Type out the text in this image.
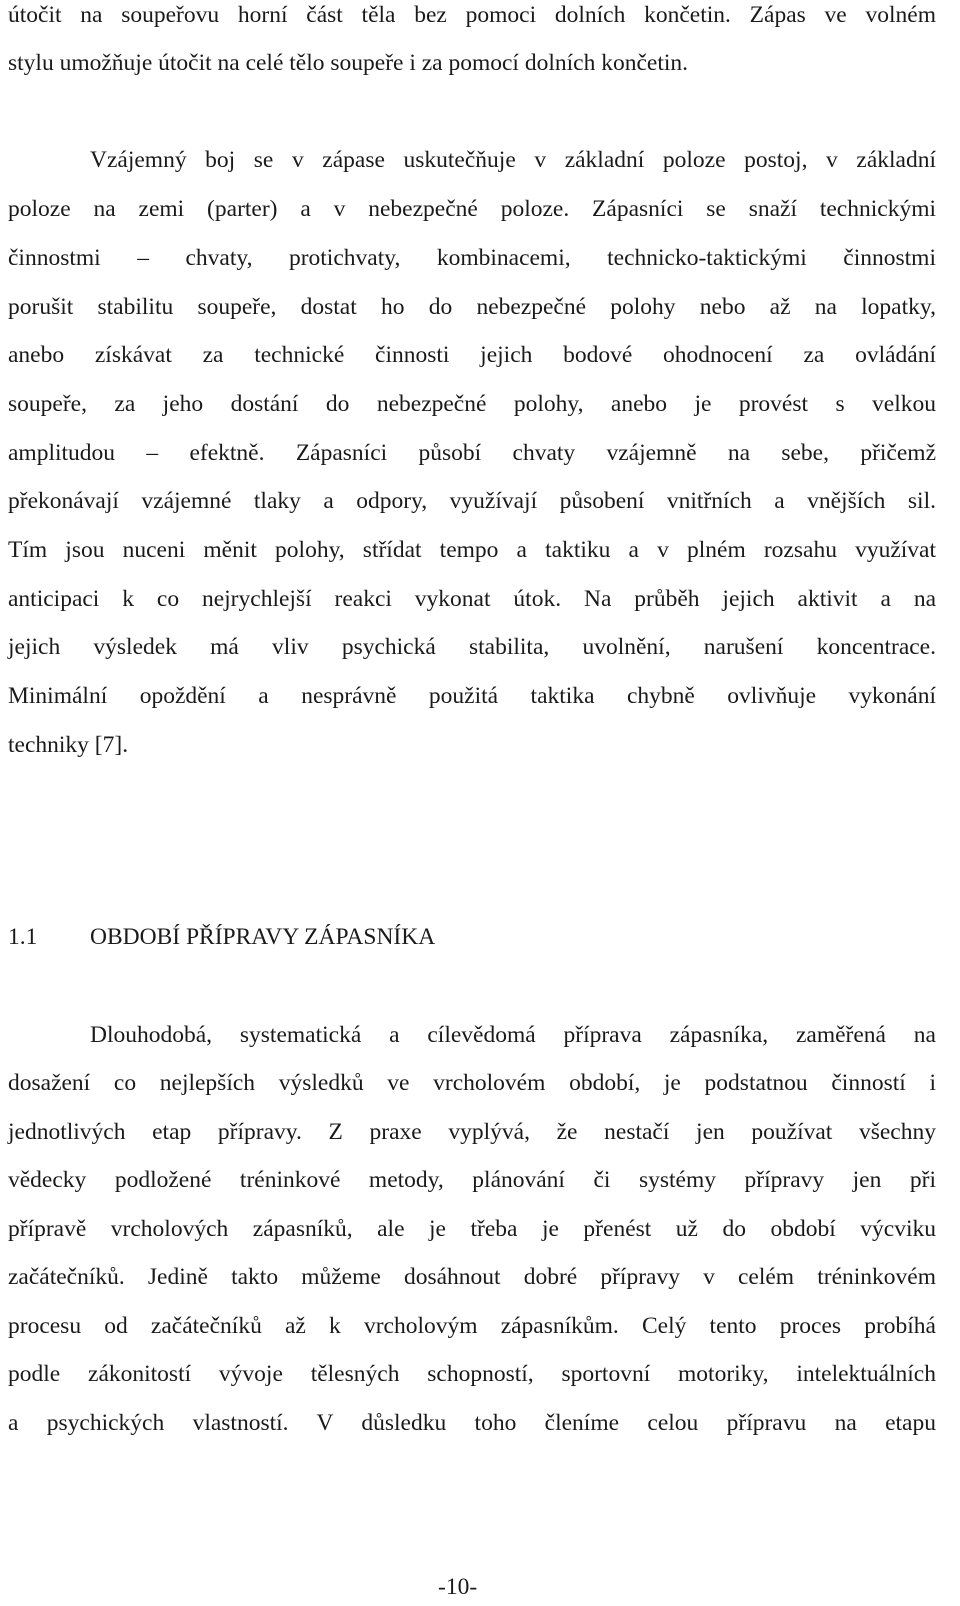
útočit na soupeřovu horní část těla bez pomoci dolních končetin. Zápas ve volném
stylu umožňuje útočit na celé tělo soupeře i za pomocí dolních končetin.
Vzájemný boj se v zápase uskutečňuje v základní poloze postoj, v základní
poloze na zemi (parter) a v nebezpečné poloze. Zápasníci se snaží technickými
činnostmi – chvaty, protichvaty, kombinacemi, technicko-taktickými činnostmi
porušit stabilitu soupeře, dostat ho do nebezpečné polohy nebo až na lopatky,
anebo získávat za technické činnosti jejich bodové ohodnocení za ovládání
soupeře, za jeho dostání do nebezpečné polohy, anebo je provést s velkou
amplitudou – efektně. Zápasníci působí chvaty vzájemně na sebe, přičemž
překonávají vzájemné tlaky a odpory, využívají působení vnitřních a vnějších sil.
Tím jsou nuceni měnit polohy, střídat tempo a taktiku a v plném rozsahu využívat
anticipaci k co nejrychlejší reakci vykonat útok. Na průběh jejich aktivit a na
jejich výsledek má vliv psychická stabilita, uvolnění, narušení koncentrace.
Minimální opoždění a nesprávně použitá taktika chybně ovlivňuje vykonání
techniky [7].
1.1 OBDOBÍ PŘÍPRAVY ZÁPASNÍKA
Dlouhodobá, systematická a cílevědomá příprava zápasníka, zaměřená na
dosažení co nejlepších výsledků ve vrcholovém období, je podstatnou činností i
jednotlivých etap přípravy. Z praxe vyplývá, že nestačí jen používat všechny
vědecky podložené tréninkové metody, plánování či systémy přípravy jen při
přípravě vrcholových zápasníků, ale je třeba je přenést už do období výcviku
začátečníků. Jedině takto můžeme dosáhnout dobré přípravy v celém tréninkovém
procesu od začátečníků až k vrcholovým zápasníkům. Celý tento proces probíhá
podle zákonitostí vývoje tělesných schopností, sportovní motoriky, intelektuálních
a psychických vlastností. V důsledku toho členíme celou přípravu na etapu
-10-
